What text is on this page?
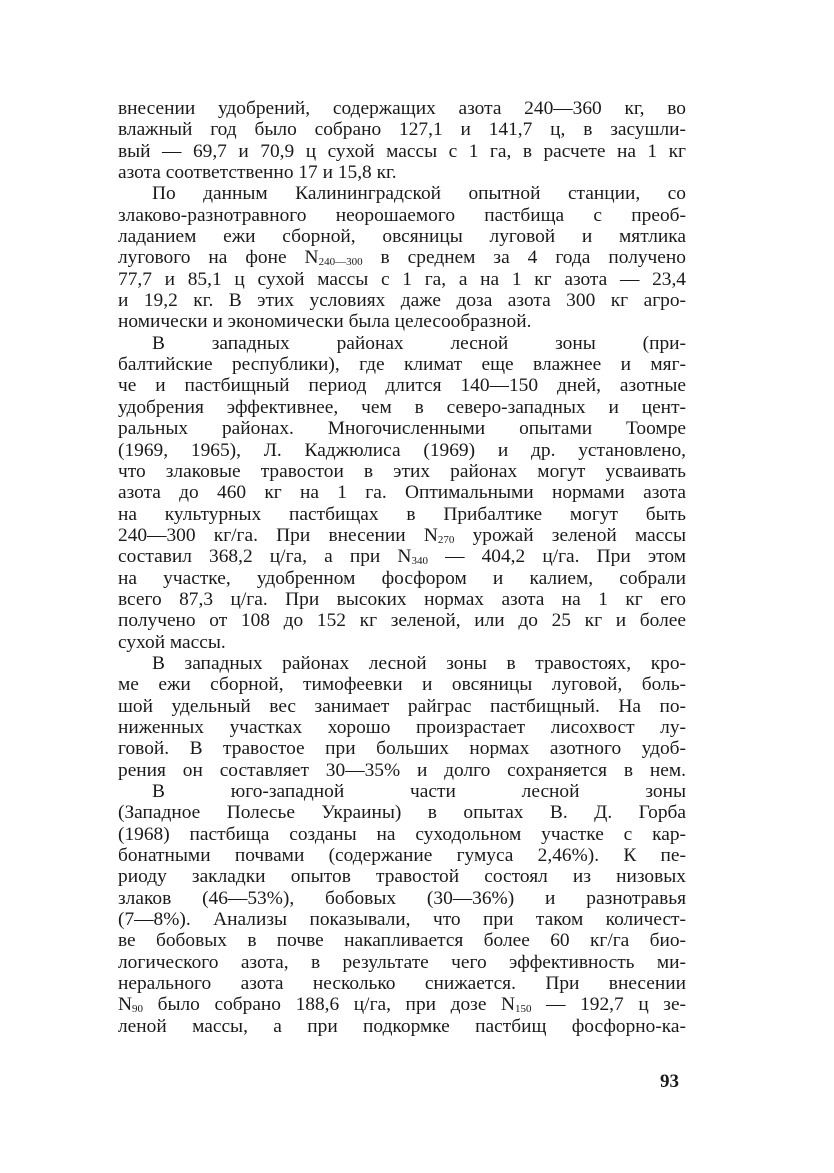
внесении удобрений, содержащих азота 240—360 кг, во
влажный год было собрано 127,1 и 141,7 ц, в засушли-
вый — 69,7 и 70,9 ц сухой массы с 1 га, в расчете на 1 кг
азота соответственно 17 и 15,8 кг.
По данным Калининградской опытной станции, со
злаково-разнотравного неорошаемого пастбища с преоб-
ладанием ежи сборной, овсяницы луговой и мятлика
лугового на фоне $N_{240—300}$ в среднем за 4 года получено
77,7 и 85,1 ц сухой массы с 1 га, а на 1 кг азота — 23,4
и 19,2 кг. В этих условиях даже доза азота 300 кг агро-
номически и экономически была целесообразной.
В западных районах лесной зоны (при-
балтийские республики), где климат еще влажнее и мяг-
че и пастбищный период длится 140—150 дней, азотные
удобрения эффективнее, чем в северо-западных и цент-
ральных районах. Многочисленными опытами Тоомре
(1969, 1965), Л. Каджюлиса (1969) и др. установлено,
что злаковые травостои в этих районах могут усваивать
азота до 460 кг на 1 га. Оптимальными нормами азота
на культурных пастбищах в Прибалтике могут быть
240—300 кг/га. При внесении $N_{270}$ урожай зеленой массы
составил 368,2 ц/га, а при $N_{340}$ — 404,2 ц/га. При этом
на участке, удобренном фосфором и калием, собрали
всего 87,3 ц/га. При высоких нормах азота на 1 кг его
получено от 108 до 152 кг зеленой, или до 25 кг и более
сухой массы.
В западных районах лесной зоны в травостоях, кро-
ме ежи сборной, тимофеевки и овсяницы луговой, боль-
шой удельный вес занимает райграс пастбищный. На по-
ниженных участках хорошо произрастает лисохвост лу-
говой. В травостое при больших нормах азотного удоб-
рения он составляет 30—35% и долго сохраняется в нем.
В юго-западной части лесной зоны
(Западное Полесье Украины) в опытах В. Д. Горба
(1968) пастбища созданы на суходольном участке с кар-
бонатными почвами (содержание гумуса 2,46%). К пе-
риоду закладки опытов травостой состоял из низовых
злаков (46—53%), бобовых (30—36%) и разнотравья
(7—8%). Анализы показывали, что при таком количест-
ве бобовых в почве накапливается более 60 кг/га био-
логического азота, в результате чего эффективность ми-
нерального азота несколько снижается. При внесении
$N_{90}$ было собрано 188,6 ц/га, при дозе $N_{150}$ — 192,7 ц зе-
леной массы, а при подкормке пастбищ фосфорно-ка-
93
